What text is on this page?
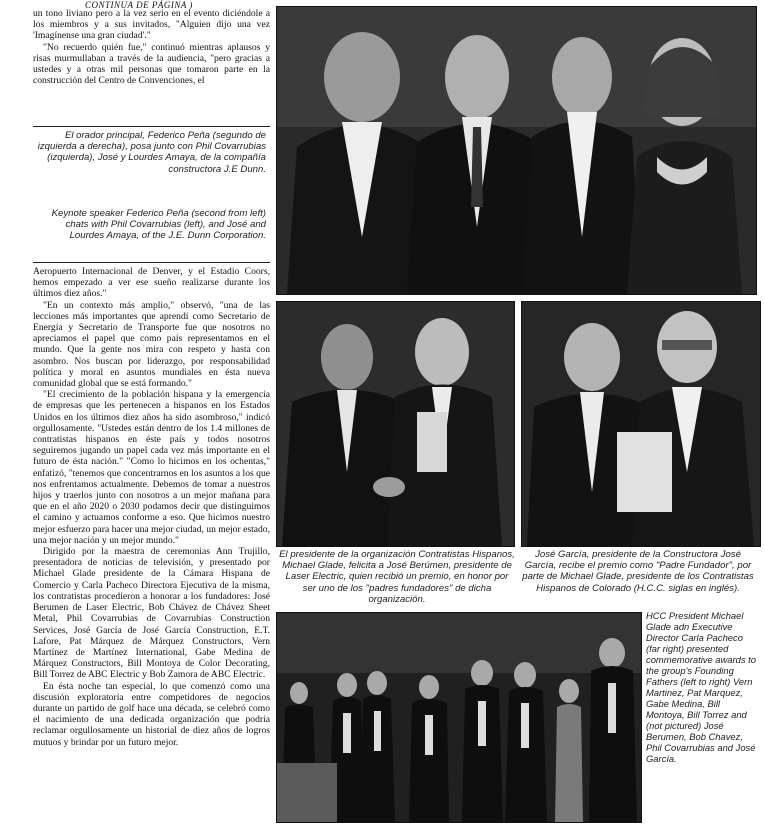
CONTINUA DE PÁGINA )

un tono liviano pero a la vez serio en el evento diciéndole a los miembros y a sus invitados, "Alguien dijo una vez 'Imagínense una gran ciudad'."

"No recuerdo quién fue," continuó mientras aplausos y risas murmullaban a través de la audiencia, "pero gracias a ustedes y a otras mil personas que tomaron parte en la construcción del Centro de Convenciones, el

El orador principal, Federico Peña (segundo de izquierda a derecha), posa junto con Phil Covarrubias (izquierda), José y Lourdes Amaya, de la compañía constructora J.E Dunn.
Keynote speaker Federico Peña (second from left) chats with Phil Covarrubias (left), and José and Lourdes Amaya, of the J.E. Dunn Corporation.

Aeropuerto Internacional de Denver, y el Estadio Coors, hemos empezado a ver ese sueño realizarse durante los últimos diez años."

"En un contexto más amplio," observó, "una de las lecciones más importantes que aprendí como Secretario de Energía y Secretario de Transporte fue que nosotros no apreciamos el papel que como país representamos en el mundo. Que la gente nos mira con respeto y hasta con asombro. Nos buscan por liderazgo, por responsabilidad política y moral en asuntos mundiales en ésta nueva comunidad global que se está formando."

"El crecimiento de la población hispana y la emergencia de empresas que les pertenecen a hispanos en los Estados Unidos en los últimos diez años ha sido asombroso," indicó orgullosamente. "Ustedes están dentro de los 1.4 millones de contratistas hispanos en éste país y todos nosotros seguiremos jugando un papel cada vez más importante en el futuro de ésta nación." "Como lo hicimos en los ochentas," enfatizó, "tenemos que concentrarnos en los asuntos a los que nos enfrentamos actualmente. Debemos de tomar a nuestros hijos y traerlos junto con nosotros a un mejor mañana para que en el año 2020 o 2030 podamos decir que distinguimos el camino y actuamos conforme a eso. Que hicimos nuestro mejor esfuerzo para hacer una mejor ciudad, un mejor estado, una mejor nación y un mejor mundo."

Dirigido por la maestra de ceremonias Ann Trujillo, presentadora de noticias de televisión, y presentado por Michael Glade presidente de la Cámara Hispana de Comercio y Carla Pacheco Directora Ejecutiva de la misma, los contratistas procedieron a honorar a los fundadores: José Berumen de Laser Electric, Bob Chávez de Chávez Sheet Metal, Phil Covarrubias de Covarrubias Construction Services, José García de José García Construction, E.T. Lafore, Pat Márquez de Márquez Constructors, Vern Martínez de Martínez International, Gabe Medina de Márquez Constructors, Bill Montoya de Color Decorating, Bill Torrez de ABC Electric y Bob Zamora de ABC Electric.

En ésta noche tan especial, lo que comenzó como una discusión exploratoria entre competidores de negocios durante un partido de golf hace una década, se celebró como el nacimiento de una dedicada organización que podría reclamar orgullosamente un historial de diez años de logros mutuos y brindar por un futuro mejor.

El presidente de la organización Contratistas Hispanos, Michael Glade, felicita a José Berúmen, presidente de Laser Electric, quien recibió un premio, en honor por ser uno de los "padres fundadores" de dicha organización.
José García, presidente de la Constructora José García, recibe el premio como "Padre Fundador", por parte de Michael Glade, presidente de los Contratistas Hispanos de Colorado (H.C.C. siglas en inglés).
HCC President Michael Glade adn Executive Director Carla Pacheco (far right) presented commemorative awards to the group's Founding Fathers (left to right) Vern Martinez, Pat Marquez, Gabe Medina, Bill Montoya, Bill Torrez and (not pictured) José Berumen, Bob Chavez, Phil Covarrubias and José García.
